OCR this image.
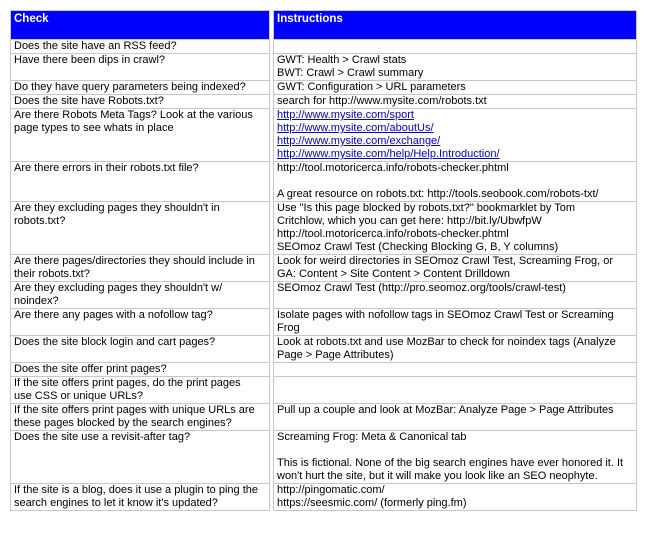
Check		Instructions

Does the site have an RSS feed?		

Have there been dips in crawl?		GWT: Health > Crawl stats
BWT: Crawl > Crawl summary

Do they have query parameters being indexed?		GWT: Configuration > URL parameters

Does the site have Robots.txt?		search for http://www.mysite.com/robots.txt

Are there Robots Meta Tags? Look at the various
page types to see whats in place		http://www.mysite.com/sport
http://www.mysite.com/aboutUs/
http://www.mysite.com/exchange/
http://www.mysite.com/help/Help.Introduction/

Are there errors in their robots.txt file?		http://tool.motoricerca.info/robots-checker.phtml
A great resource on robots.txt: http://tools.seobook.com/robots-txt/

Are they excluding pages they shouldn't in
robots.txt?		Use "Is this page blocked by robots.txt?" bookmarklet by Tom
Critchlow, which you can get here: http://bit.ly/UbwfpW
http://tool.motoricerca.info/robots-checker.phtml
SEOmoz Crawl Test (Checking Blocking G, B, Y columns)

Are there pages/directories they should include in
their robots.txt?		Look for weird directories in SEOmoz Crawl Test, Screaming Frog, or
GA: Content > Site Content > Content Drilldown

Are they excluding pages they shouldn't w/
noindex?		SEOmoz Crawl Test (http://pro.seomoz.org/tools/crawl-test)

Are there any pages with a nofollow tag?		Isolate pages with nofollow tags in SEOmoz Crawl Test or Screaming
Frog

Does the site block login and cart pages?		Look at robots.txt and use MozBar to check for noindex tags (Analyze
Page > Page Attributes)

Does the site offer print pages?		

If the site offers print pages, do the print pages
use CSS or unique URLs?		

If the site offers print pages with unique URLs are
these pages blocked by the search engines?		Pull up a couple and look at MozBar: Analyze Page > Page Attributes

Does the site use a revisit-after tag?		Screaming Frog: Meta & Canonical tab
This is fictional. None of the big search engines have ever honored it. It
won't hurt the site, but it will make you look like an SEO neophyte.

If the site is a blog, does it use a plugin to ping the
search engines to let it know it's updated?		http://pingomatic.com/
https://seesmic.com/ (formerly ping.fm)
